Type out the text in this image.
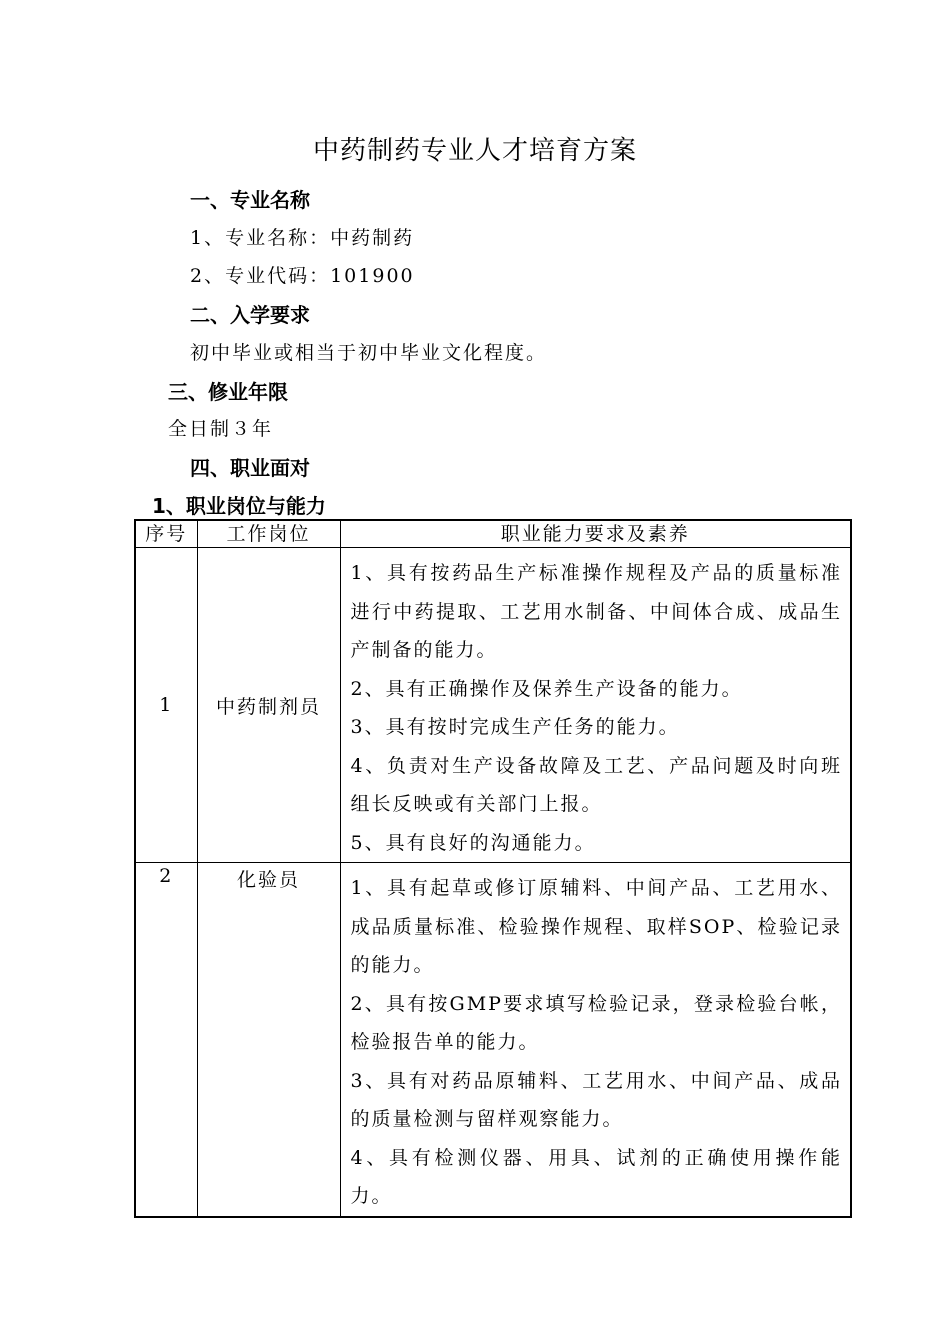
中药制药专业人才培育方案
一、专业名称
1、专业名称：中药制药
2、专业代码：101900
二、入学要求
初中毕业或相当于初中毕业文化程度。
三、修业年限
全日制３年
四、职业面对
1、职业岗位与能力
序号	工作岗位	职业能力要求及素养
1	中药制剂员	1、具有按药品生产标准操作规程及产品的质量标准进行中药提取、工艺用水制备、中间体合成、成品生产制备的能力。
2、具有正确操作及保养生产设备的能力。
3、具有按时完成生产任务的能力。
4、负责对生产设备故障及工艺、产品问题及时向班组长反映或有关部门上报。
5、具有良好的沟通能力。

2	化验员	1、具有起草或修订原辅料、中间产品、工艺用水、成品质量标准、检验操作规程、取样SOP、检验记录的能力。
2、具有按GMP要求填写检验记录，登录检验台帐，检验报告单的能力。
3、具有对药品原辅料、工艺用水、中间产品、成品的质量检测与留样观察能力。
4、具有检测仪器、用具、试剂的正确使用操作能力。
